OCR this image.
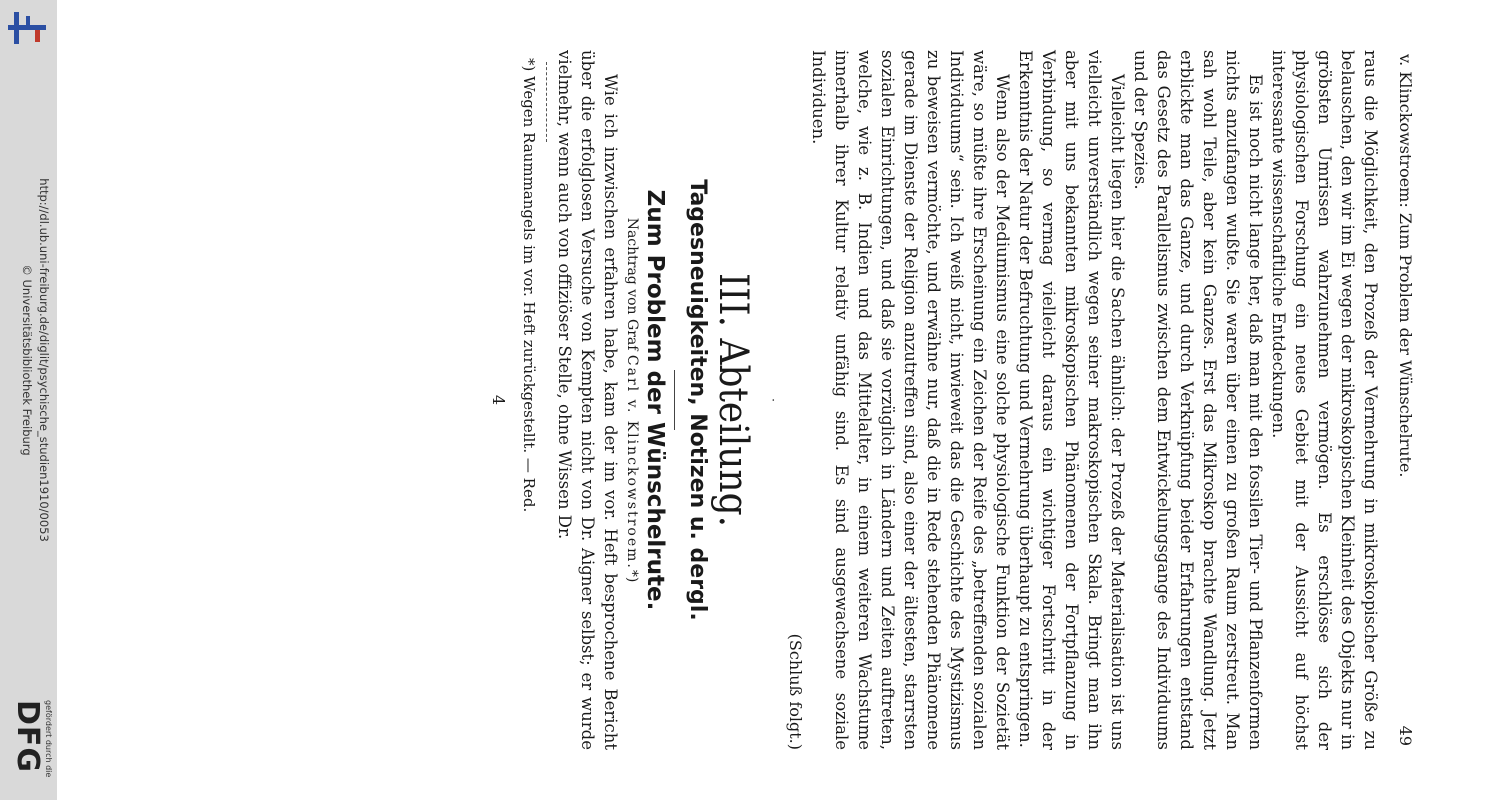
http://dl.ub.uni-freiburg.de/diglit/psychische_studien1910/0053
© Universitätsbibliothek Freiburg
gefördert durch die
DFG
v. Klinckowstroem: Zum Problem der Wünschelrute.
49

raus die Möglichkeit, den Prozeß der Vermehrung in mikroskopischer Größe zu belauschen, den wir im Ei wegen der mikroskopischen Kleinheit des Objekts nur in gröbsten Umrissen wahrzunehmen vermögen. Es erschlösse sich der physiologischen Forschung ein neues Gebiet mit der Aussicht auf höchst interessante wissenschaftliche Entdeckungen.

Es ist noch nicht lange her, daß man mit den fossilen Tier- und Pflanzenformen nichts anzufangen wußte. Sie waren über einen zu großen Raum zerstreut. Man sah wohl Teile, aber kein Ganzes. Erst das Mikroskop brachte Wandlung. Jetzt erblickte man das Ganze, und durch Verknüpfung beider Erfahrungen entstand das Gesetz des Parallelismus zwischen dem Entwickelungsgange des Individuums und der Spezies.

Vielleicht liegen hier die Sachen ähnlich: der Prozeß der Materialisation ist uns vielleicht unverständlich wegen seiner makroskopischen Skala. Bringt man ihn aber mit uns bekannten mikroskopischen Phänomenen der Fortpflanzung in Verbindung, so vermag vielleicht daraus ein wichtiger Fortschritt in der Erkenntnis der Natur der Befruchtung und Vermehrung überhaupt zu entspringen.

Wenn also der Mediumismus eine solche physiologische Funktion der Sozietät wäre, so müßte ihre Erscheinung ein Zeichen der Reife des „betreffenden sozialen Individuums“ sein. Ich weiß nicht, inwieweit das die Geschichte des Mystizismus zu beweisen vermöchte, und erwähne nur, daß die in Rede stehenden Phänomene gerade im Dienste der Religion anzutreffen sind, also einer der ältesten, starrsten sozialen Einrichtungen, und daß sie vorzüglich in Ländern und Zeiten auftreten, welche, wie z. B. Indien und das Mittelalter, in einem weiteren Wachstume innerhalb ihrer Kultur relativ unfähig sind. Es sind ausgewachsene soziale Individuen.

(Schluß folgt.)
·
III. Abteilung.
Tagesneuigkeiten, Notizen u. dergl.
Zum Problem der Wünschelrute.
Nachtrag von Graf Carl v. Klinckowstroem.*)

Wie ich inzwischen erfahren habe, kam der im vor. Heft besprochene Bericht über die erfolglosen Versuche von Kempten nicht von Dr. Aigner selbst; er wurde vielmehr, wenn auch von offiziöser Stelle, ohne Wissen Dr.

*) Wegen Raummangels im vor. Heft zurückgestellt. — Red.

4
